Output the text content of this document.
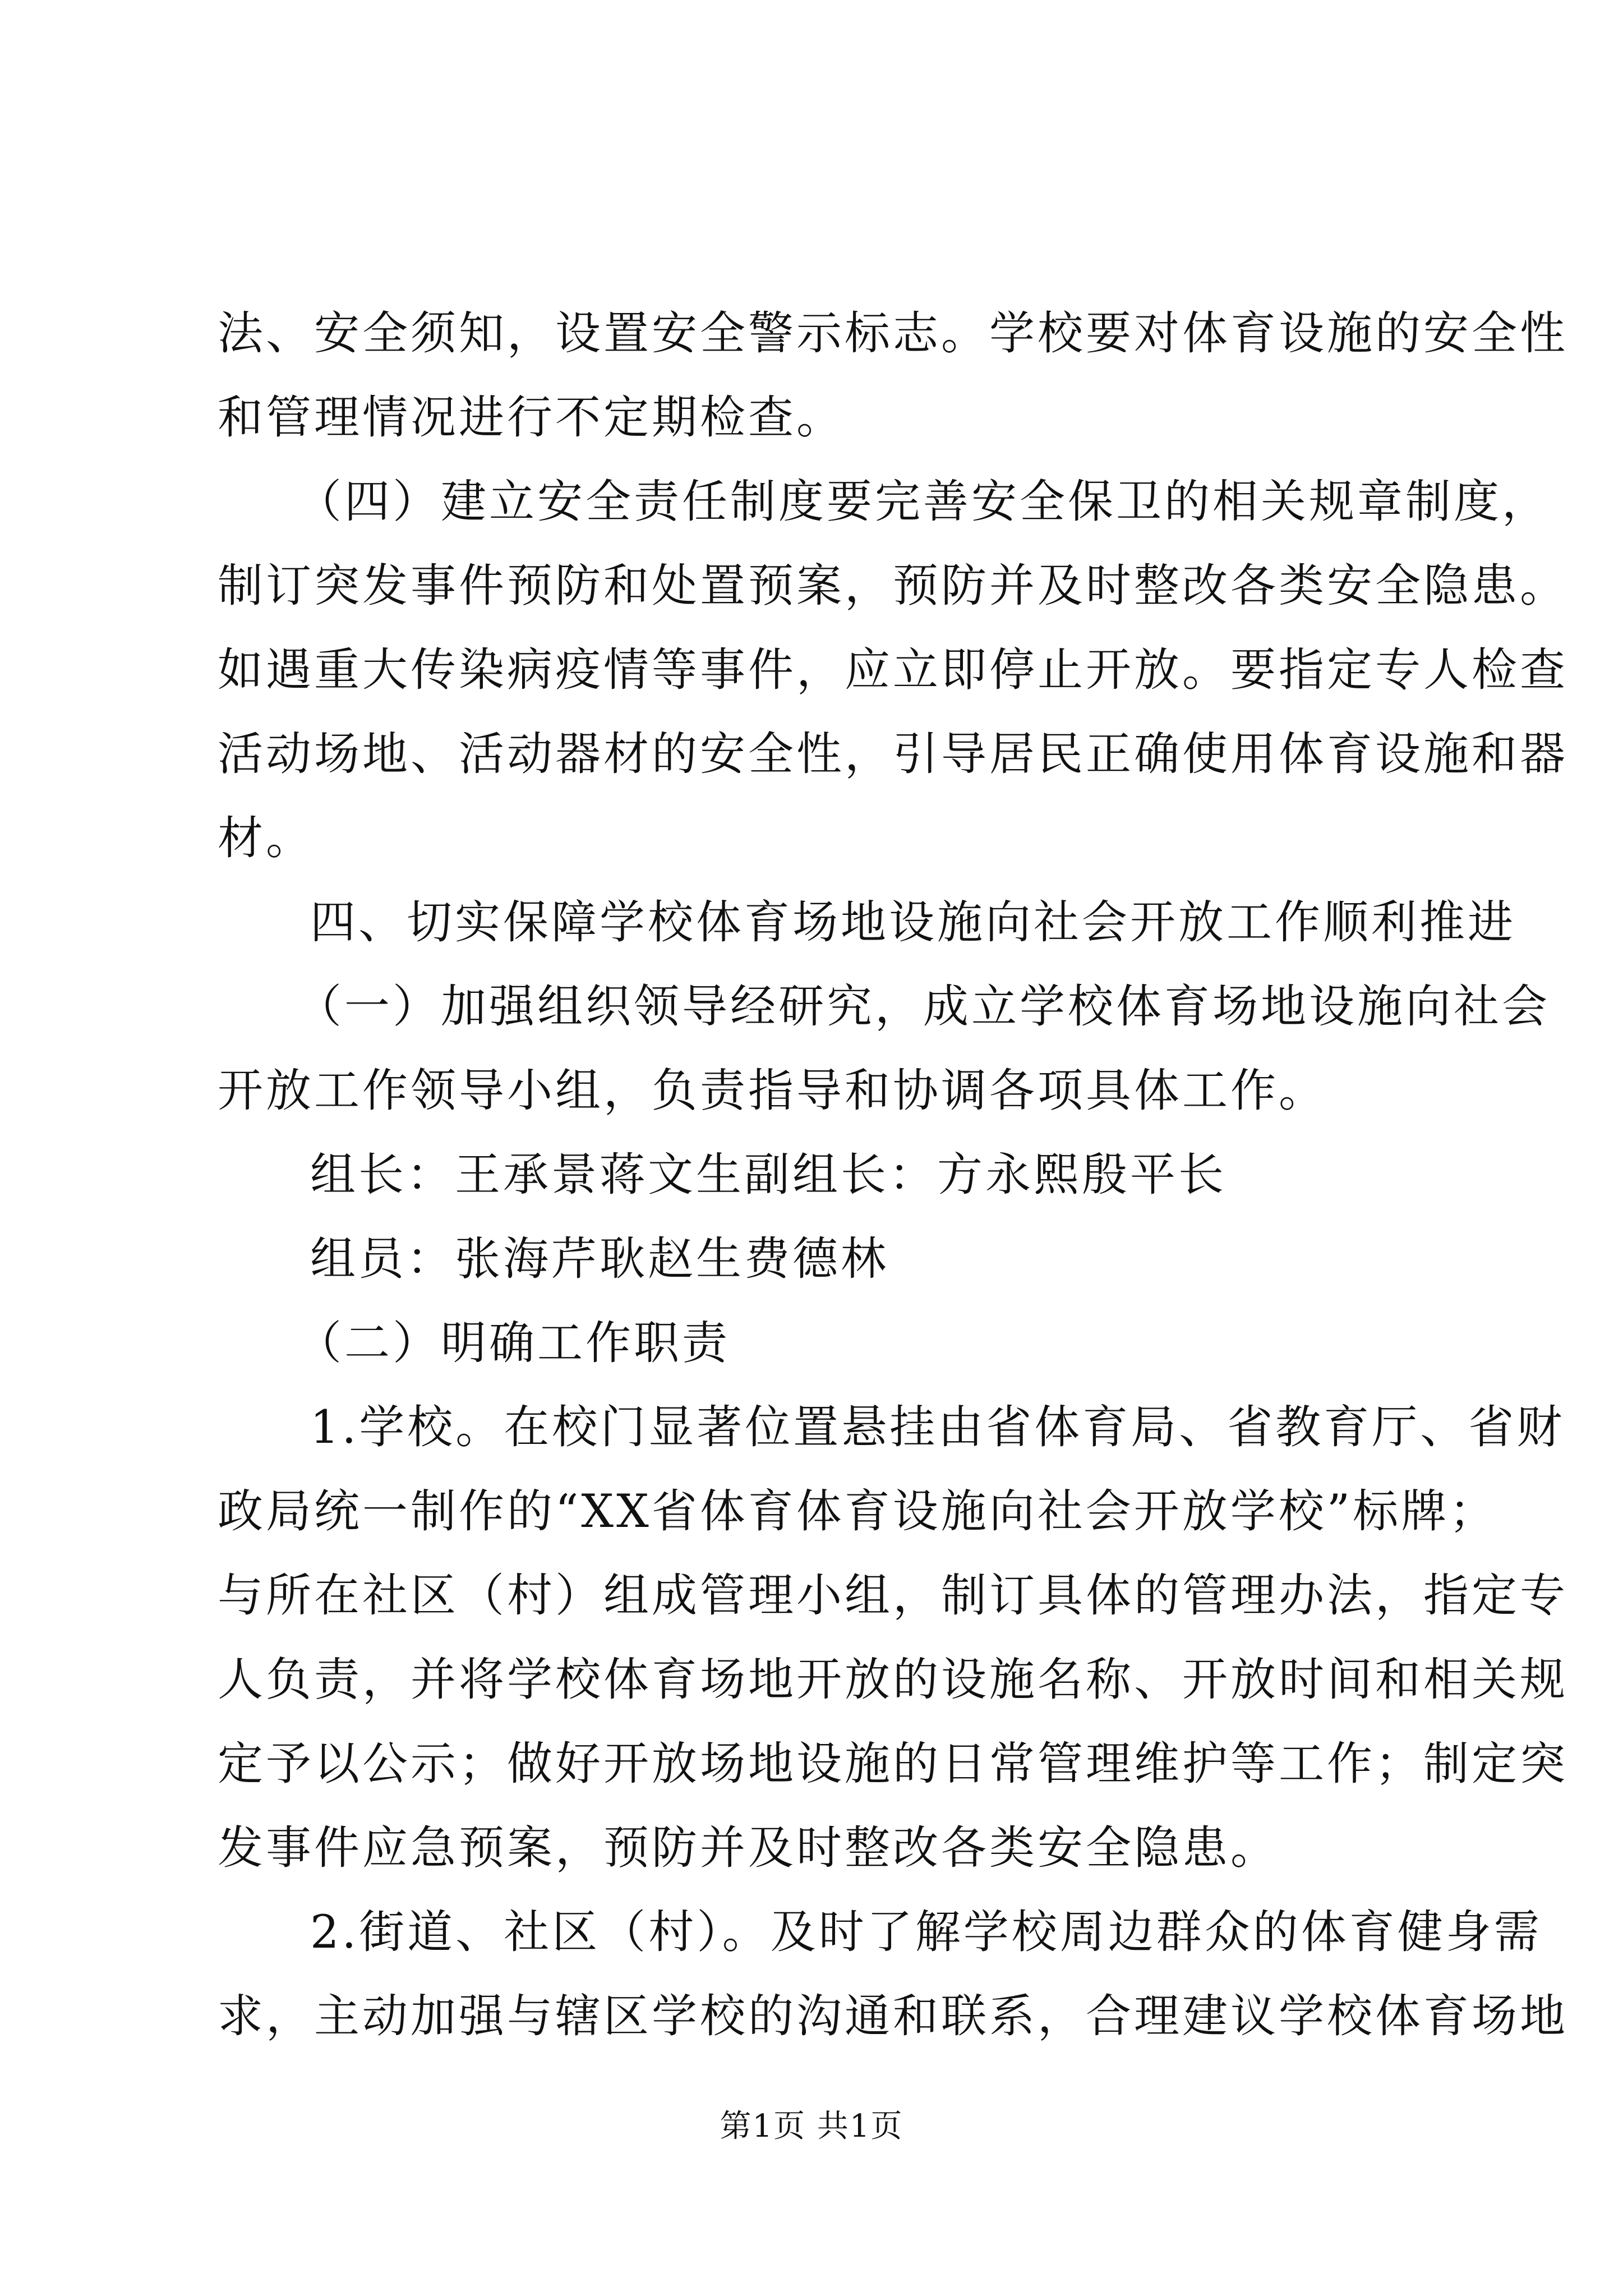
法、安全须知，设置安全警示标志。学校要对体育设施的安全性
和管理情况进行不定期检查。
（四）建立安全责任制度要完善安全保卫的相关规章制度，
制订突发事件预防和处置预案，预防并及时整改各类安全隐患。
如遇重大传染病疫情等事件，应立即停止开放。要指定专人检查
活动场地、活动器材的安全性，引导居民正确使用体育设施和器
材。
四、切实保障学校体育场地设施向社会开放工作顺利推进
（一）加强组织领导经研究，成立学校体育场地设施向社会
开放工作领导小组，负责指导和协调各项具体工作。
组长：王承景蒋文生副组长：方永熙殷平长
组员：张海芹耿赵生费德林
（二）明确工作职责
1.学校。在校门显著位置悬挂由省体育局、省教育厅、省财
政局统一制作的“XX省体育体育设施向社会开放学校”标牌；
与所在社区（村）组成管理小组，制订具体的管理办法，指定专
人负责，并将学校体育场地开放的设施名称、开放时间和相关规
定予以公示；做好开放场地设施的日常管理维护等工作；制定突
发事件应急预案，预防并及时整改各类安全隐患。
2.街道、社区（村）。及时了解学校周边群众的体育健身需
求，主动加强与辖区学校的沟通和联系，合理建议学校体育场地
第1页 共1页
